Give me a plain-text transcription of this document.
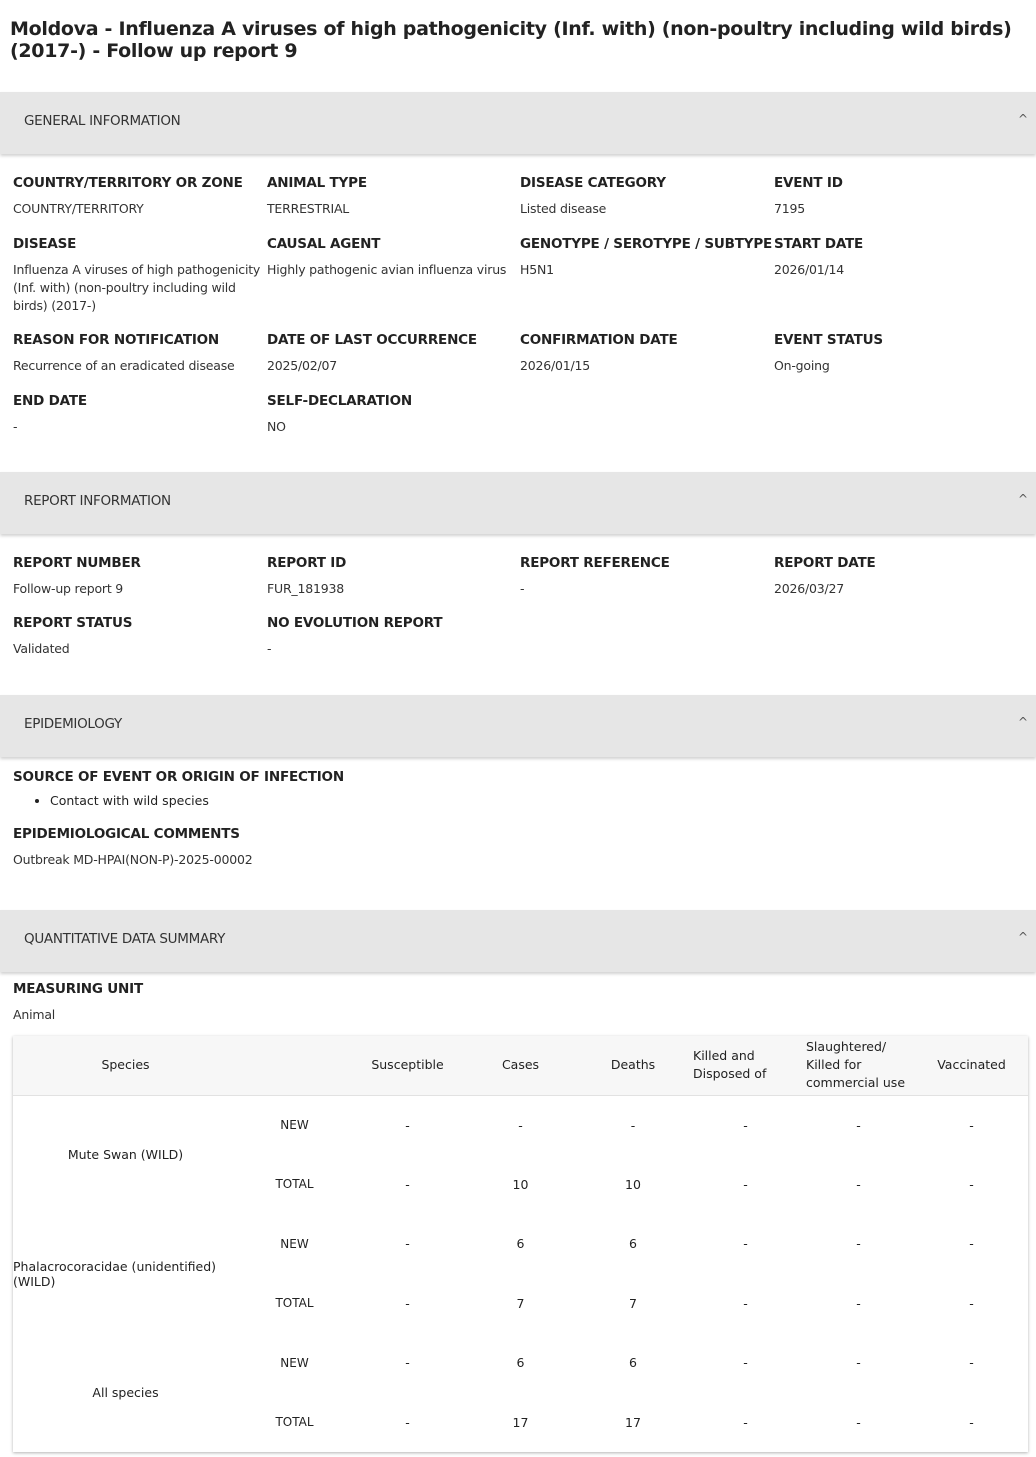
Moldova - Influenza A viruses of high pathogenicity (Inf. with) (non-poultry including wild birds) (2017-) - Follow up report 9
GENERAL INFORMATION	^
COUNTRY/TERRITORY OR ZONE
COUNTRY/TERRITORY
ANIMAL TYPE
TERRESTRIAL
DISEASE CATEGORY
Listed disease
EVENT ID
7195
DISEASE
Influenza A viruses of high pathogenicity (Inf. with) (non-poultry including wild birds) (2017-)
CAUSAL AGENT
Highly pathogenic avian influenza virus
GENOTYPE / SEROTYPE / SUBTYPE
H5N1
START DATE
2026/01/14
REASON FOR NOTIFICATION
Recurrence of an eradicated disease
DATE OF LAST OCCURRENCE
2025/02/07
CONFIRMATION DATE
2026/01/15
EVENT STATUS
On-going
END DATE
-
SELF-DECLARATION
NO
REPORT INFORMATION	^
REPORT NUMBER
Follow-up report 9
REPORT ID
FUR_181938
REPORT REFERENCE
-
REPORT DATE
2026/03/27
REPORT STATUS
Validated
NO EVOLUTION REPORT
-
EPIDEMIOLOGY	^
SOURCE OF EVENT OR ORIGIN OF INFECTION
• Contact with wild species
EPIDEMIOLOGICAL COMMENTS
Outbreak MD-HPAI(NON-P)-2025-00002
QUANTITATIVE DATA SUMMARY	^
MEASURING UNIT
Animal
Species		Susceptible	Cases	Deaths	Killed and Disposed of	Slaughtered/ Killed for commercial use	Vaccinated
Mute Swan (WILD)	NEW	-	-	-	-	-	-
	TOTAL	-	10	10	-	-	-
Phalacrocoracidae (unidentified) (WILD)	NEW	-	6	6	-	-	-
	TOTAL	-	7	7	-	-	-
All species	NEW	-	6	6	-	-	-
	TOTAL	-	17	17	-	-	-
